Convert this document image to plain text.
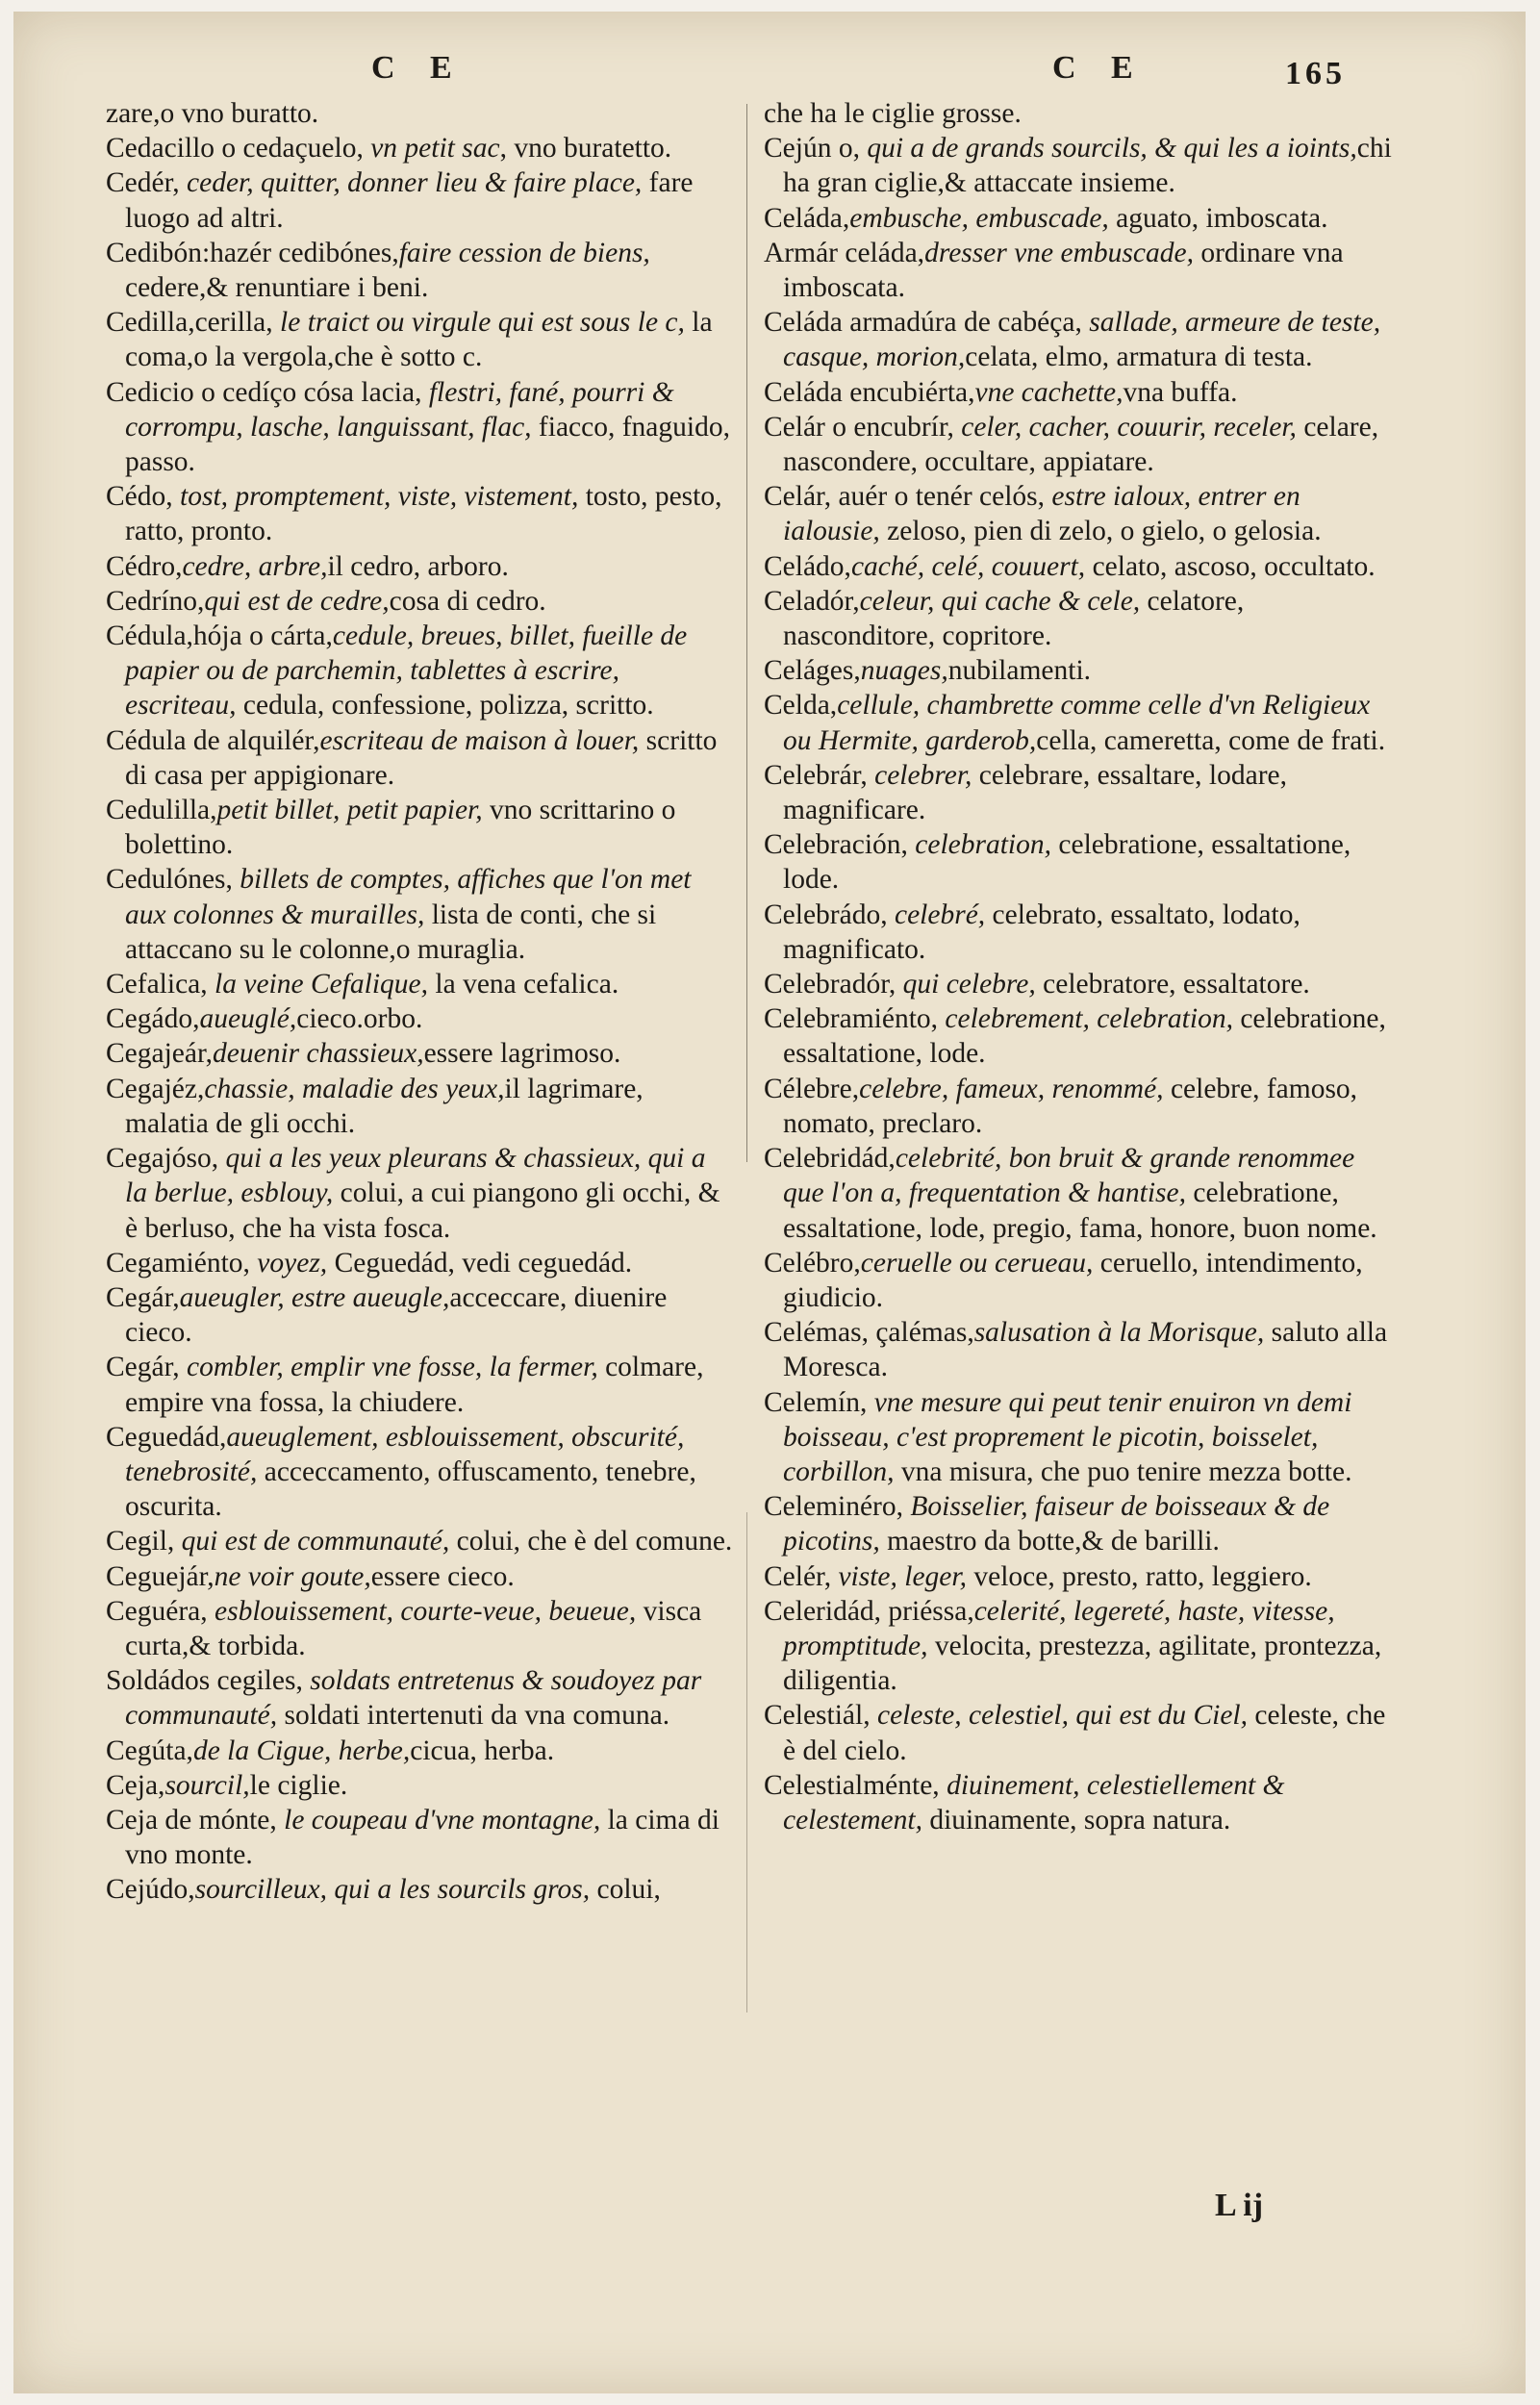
C E	C E	165

zare,o vno buratto.

Cedacillo o cedaçuelo, vn petit sac, vno buratetto.

Cedér, ceder, quitter, donner lieu & faire place, fare luogo ad altri.

Cedibón:hazér cedibónes,faire cession de biens, cedere,& renuntiare i beni.

Cedilla,cerilla, le traict ou virgule qui est sous le c, la coma,o la vergola,che è sotto c.

Cedicio o cedíço cósa lacia, flestri, fané, pourri & corrompu, lasche, languissant, flac, fiacco, fnaguido, passo.

Cédo, tost, promptement, viste, vistement, tosto, pesto, ratto, pronto.

Cédro,cedre, arbre,il cedro, arboro.

Cedríno,qui est de cedre,cosa di cedro.

Cédula,hója o cárta,cedule, breues, billet, fueille de papier ou de parchemin, tablettes à escrire, escriteau, cedula, confessione, polizza, scritto.

Cédula de alquilér,escriteau de maison à louer, scritto di casa per appigionare.

Cedulilla,petit billet, petit papier, vno scrittarino o bolettino.

Cedulónes, billets de comptes, affiches que l'on met aux colonnes & murailles, lista de conti, che si attaccano su le colonne,o muraglia.

Cefalica, la veine Cefalique, la vena cefalica.

Cegádo,aueuglé,cieco.orbo.

Cegajeár,deuenir chassieux,essere lagrimoso.

Cegajéz,chassie, maladie des yeux,il lagrimare, malatia de gli occhi.

Cegajóso, qui a les yeux pleurans & chassieux, qui a la berlue, esblouy, colui, a cui piangono gli occhi, & è berluso, che ha vista fosca.

Cegamiénto, voyez, Ceguedád, vedi ceguedád.

Cegár,aueugler, estre aueugle,acceccare, diuenire cieco.

Cegár, combler, emplir vne fosse, la fermer, colmare, empire vna fossa, la chiudere.

Ceguedád,aueuglement, esblouissement, obscurité, tenebrosité, acceccamento, offuscamento, tenebre, oscurita.

Cegil, qui est de communauté, colui, che è del comune.

Ceguejár,ne voir goute,essere cieco.

Ceguéra, esblouissement, courte-veue, beueue, visca curta,& torbida.

Soldádos cegiles, soldats entretenus & soudoyez par communauté, soldati intertenuti da vna comuna.

Cegúta,de la Cigue, herbe,cicua, herba.

Ceja,sourcil,le ciglie.

Ceja de mónte, le coupeau d'vne montagne, la cima di vno monte.

Cejúdo,sourcilleux, qui a les sourcils gros, colui,

che ha le ciglie grosse.

Cejún o, qui a de grands sourcils, & qui les a ioints,chi ha gran ciglie,& attaccate insieme.

Celáda,embusche, embuscade, aguato, imboscata.

Armár celáda,dresser vne embuscade, ordinare vna imboscata.

Celáda armadúra de cabéça, sallade, armeure de teste, casque, morion,celata, elmo, armatura di testa.

Celáda encubiérta,vne cachette,vna buffa.

Celár o encubrír, celer, cacher, couurir, receler, celare, nascondere, occultare, appiatare.

Celár, auér o tenér celós, estre ialoux, entrer en ialousie, zeloso, pien di zelo, o gielo, o gelosia.

Celádo,caché, celé, couuert, celato, ascoso, occultato.

Celadór,celeur, qui cache & cele, celatore, nasconditore, copritore.

Celáges,nuages,nubilamenti.

Celda,cellule, chambrette comme celle d'vn Religieux ou Hermite, garderob,cella, cameretta, come de frati.

Celebrár, celebrer, celebrare, essaltare, lodare, magnificare.

Celebración, celebration, celebratione, essaltatione, lode.

Celebrádo, celebré, celebrato, essaltato, lodato, magnificato.

Celebradór, qui celebre, celebratore, essaltatore.

Celebramiénto, celebrement, celebration, celebratione, essaltatione, lode.

Célebre,celebre, fameux, renommé, celebre, famoso, nomato, preclaro.

Celebridád,celebrité, bon bruit & grande renommee que l'on a, frequentation & hantise, celebratione, essaltatione, lode, pregio, fama, honore, buon nome.

Celébro,ceruelle ou cerueau, ceruello, intendimento, giudicio.

Celémas, çalémas,salusation à la Morisque, saluto alla Moresca.

Celemín, vne mesure qui peut tenir enuiron vn demi boisseau, c'est proprement le picotin, boisselet, corbillon, vna misura, che puo tenire mezza botte.

Celeminéro, Boisselier, faiseur de boisseaux & de picotins, maestro da botte,& de barilli.

Celér, viste, leger, veloce, presto, ratto, leggiero.

Celeridád, priéssa,celerité, legereté, haste, vitesse, promptitude, velocita, prestezza, agilitate, prontezza, diligentia.

Celestiál, celeste, celestiel, qui est du Ciel, celeste, che è del cielo.

Celestialménte, diuinement, celestiellement & celestement, diuinamente, sopra natura.

L ij
